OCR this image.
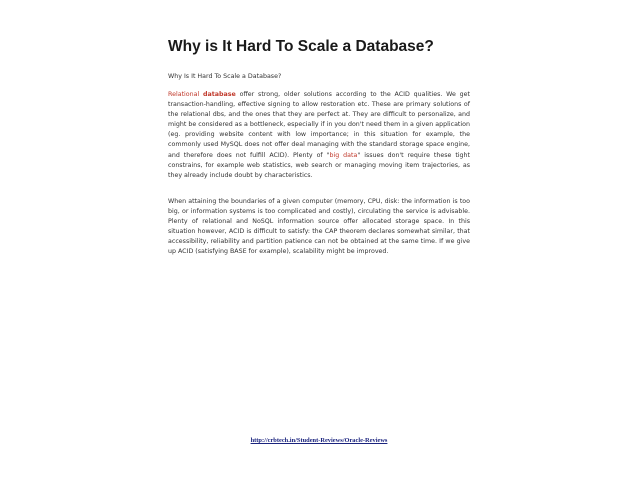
Why is It Hard To Scale a Database?
Why Is It Hard To Scale a Database?

Relational database offer strong, older solutions according to the ACID qualities. We get transaction-handling, effective signing to allow restoration etc. These are primary solutions of the relational dbs, and the ones that they are perfect at. They are difficult to personalize, and might be considered as a bottleneck, especially if in you don't need them in a given application (eg. providing website content with low importance; in this situation for example, the commonly used MySQL does not offer deal managing with the standard storage space engine, and therefore does not fulfill ACID). Plenty of "big data" issues don't require these tight constrains, for example web statistics, web search or managing moving item trajectories, as they already include doubt by characteristics.

When attaining the boundaries of a given computer (memory, CPU, disk: the information is too big, or information systems is too complicated and costly), circulating the service is advisable. Plenty of relational and NoSQL information source offer allocated storage space. In this situation however, ACID is difficult to satisfy: the CAP theorem declares somewhat similar, that accessibility, reliability and partition patience can not be obtained at the same time. If we give up ACID (satisfying BASE for example), scalability might be improved.

http://crbtech.in/Student-Reviews/Oracle-Reviews
